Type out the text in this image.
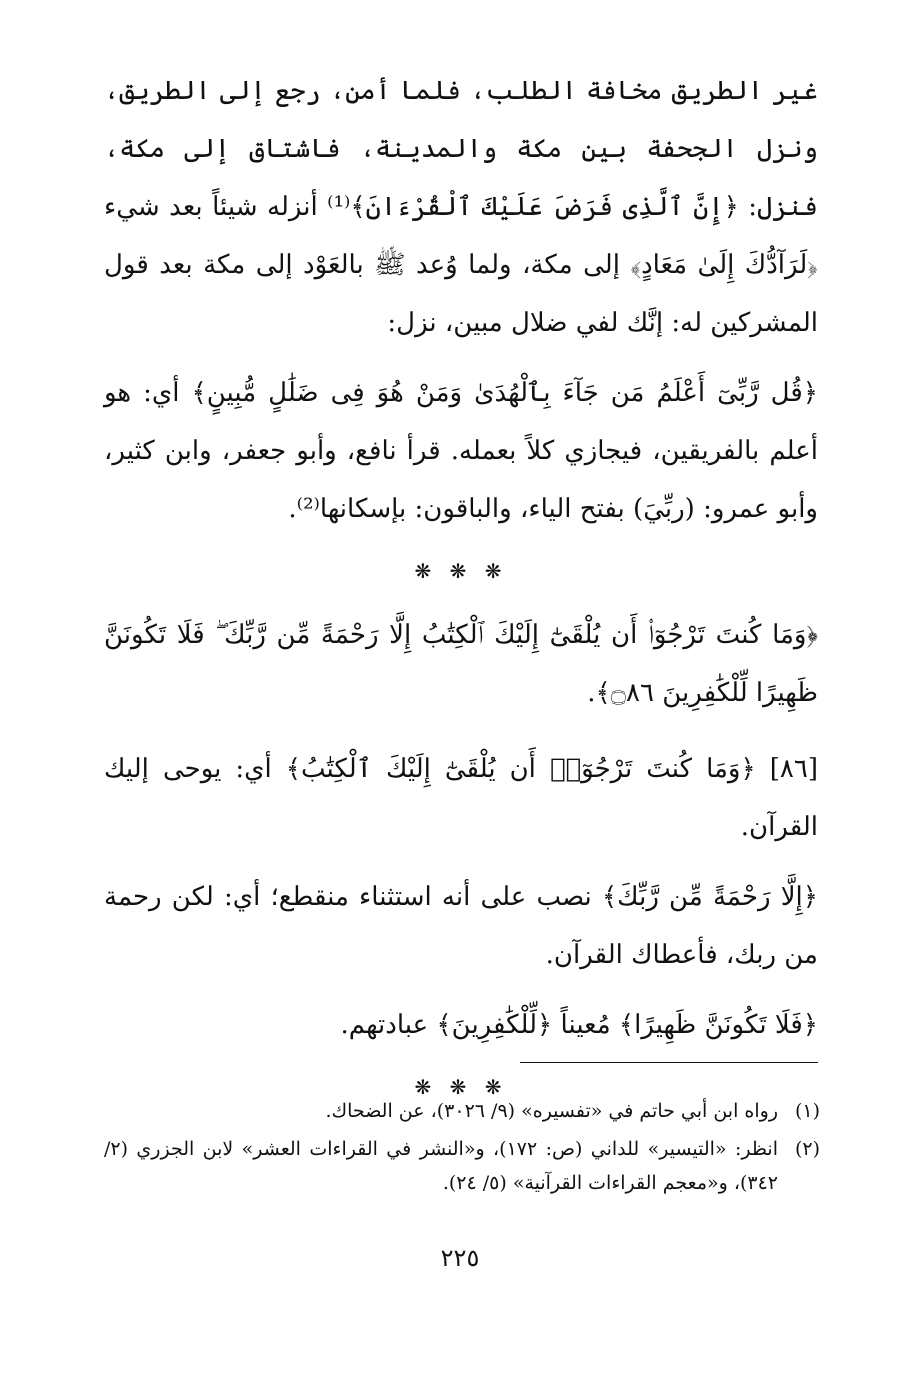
غير الطريق مخافة الطلب، فلما أمن، رجع إلى الطريق، ونزل الجحفة بين مكة والمدينة، فاشتاق إلى مكة، فنزل: ﴿إِنَّ ٱلَّذِى فَرَضَ عَلَيْكَ ٱلْقُرْءَانَ﴾⁽¹⁾ أنزله شيئاً بعد شيء ﴿لَرَآدُّكَ إِلَىٰ مَعَادٍ﴾ إلى مكة، ولما وُعد ﷺ بالعَوْد إلى مكة بعد قول المشركين له: إنَّك لفي ضلال مبين، نزل:

﴿قُل رَّبِّىٓ أَعْلَمُ مَن جَآءَ بِٱلْهُدَىٰ وَمَنْ هُوَ فِى ضَلَٰلٍ مُّبِينٍ﴾ أي: هو أعلم بالفريقين، فيجازي كلاً بعمله. قرأ نافع، وأبو جعفر، وابن كثير، وأبو عمرو: (ربِّيَ) بفتح الياء، والباقون: بإسكانها⁽²⁾.

❋ ❋ ❋

﴿وَمَا كُنتَ تَرْجُوٓا۟ أَن يُلْقَىٰٓ إِلَيْكَ ٱلْكِتَٰبُ إِلَّا رَحْمَةً مِّن رَّبِّكَ ۖ فَلَا تَكُونَنَّ ظَهِيرًا لِّلْكَٰفِرِينَ ۝٨٦﴾.

[٨٦] ﴿وَمَا كُنتَ تَرْجُوٓا۟ أَن يُلْقَىٰٓ إِلَيْكَ ٱلْكِتَٰبُ﴾ أي: يوحى إليك القرآن.

﴿إِلَّا رَحْمَةً مِّن رَّبِّكَ﴾ نصب على أنه استثناء منقطع؛ أي: لكن رحمة من ربك، فأعطاك القرآن.

﴿فَلَا تَكُونَنَّ ظَهِيرًا﴾ مُعيناً ﴿لِّلْكَٰفِرِينَ﴾ عبادتهم.

❋ ❋ ❋

(١)
رواه ابن أبي حاتم في «تفسيره» (٩/ ٣٠٢٦)، عن الضحاك.
(٢)
انظر: «التيسير» للداني (ص: ١٧٢)، و«النشر في القراءات العشر» لابن الجزري (٢/ ٣٤٢)، و«معجم القراءات القرآنية» (٥/ ٢٤).
٢٢٥
